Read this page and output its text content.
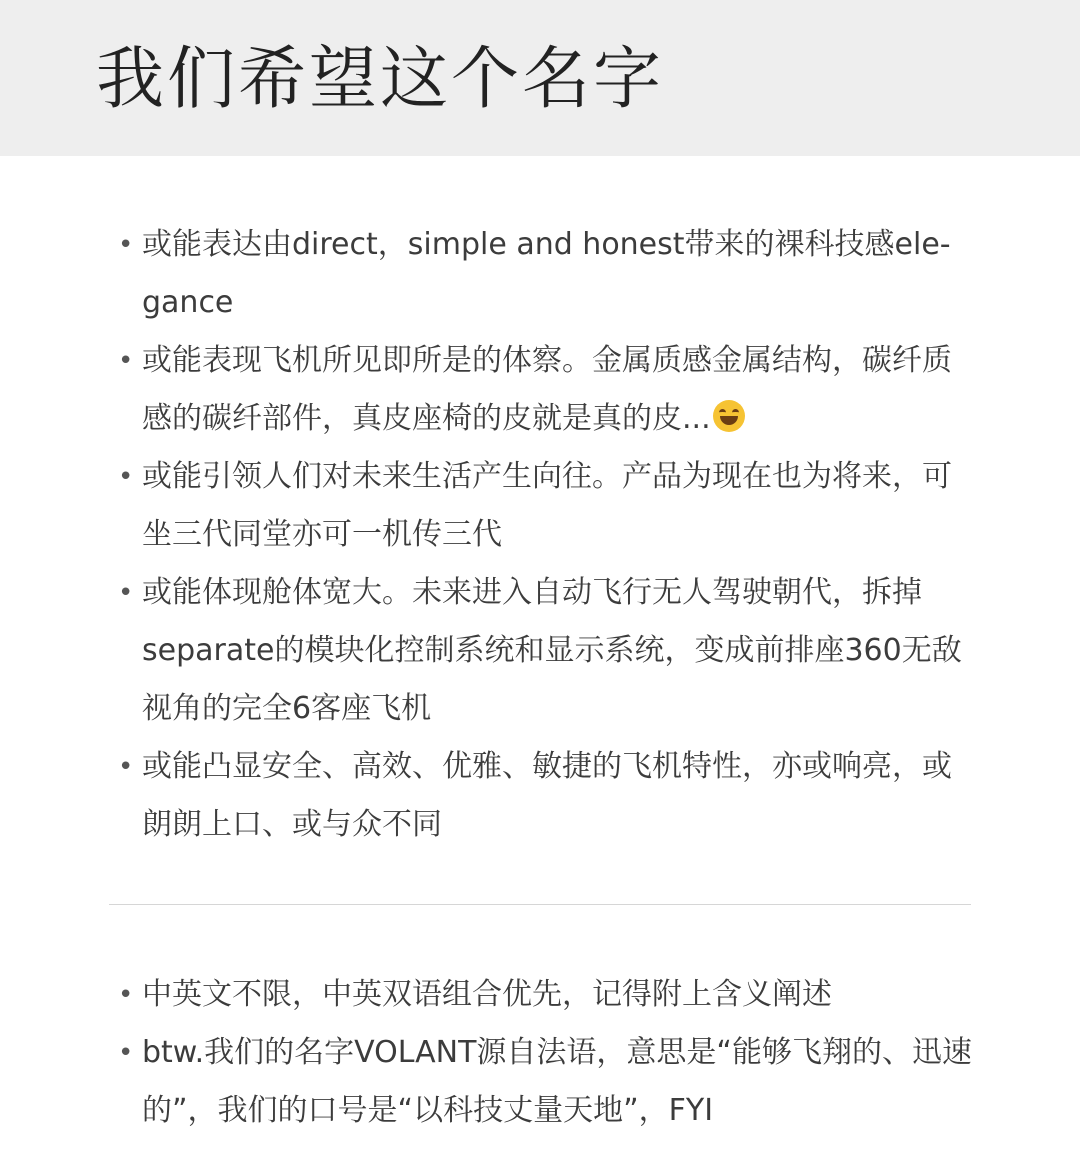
我们希望这个名字
• 或能表达由direct，simple and honest带来的裸科技感ele-gance
• 或能表现飞机所见即所是的体察。金属质感金属结构，碳纤质感的碳纤部件，真皮座椅的皮就是真的皮...
• 或能引领人们对未来生活产生向往。产品为现在也为将来，可坐三代同堂亦可一机传三代
• 或能体现舱体宽大。未来进入自动飞行无人驾驶朝代，拆掉separate的模块化控制系统和显示系统，变成前排座360无敌视角的完全6客座飞机
• 或能凸显安全、高效、优雅、敏捷的飞机特性，亦或响亮，或朗朗上口、或与众不同
• 中英文不限，中英双语组合优先，记得附上含义阐述
• btw.我们的名字VOLANT源自法语，意思是“能够飞翔的、迅速的”，我们的口号是“以科技丈量天地”，FYI
